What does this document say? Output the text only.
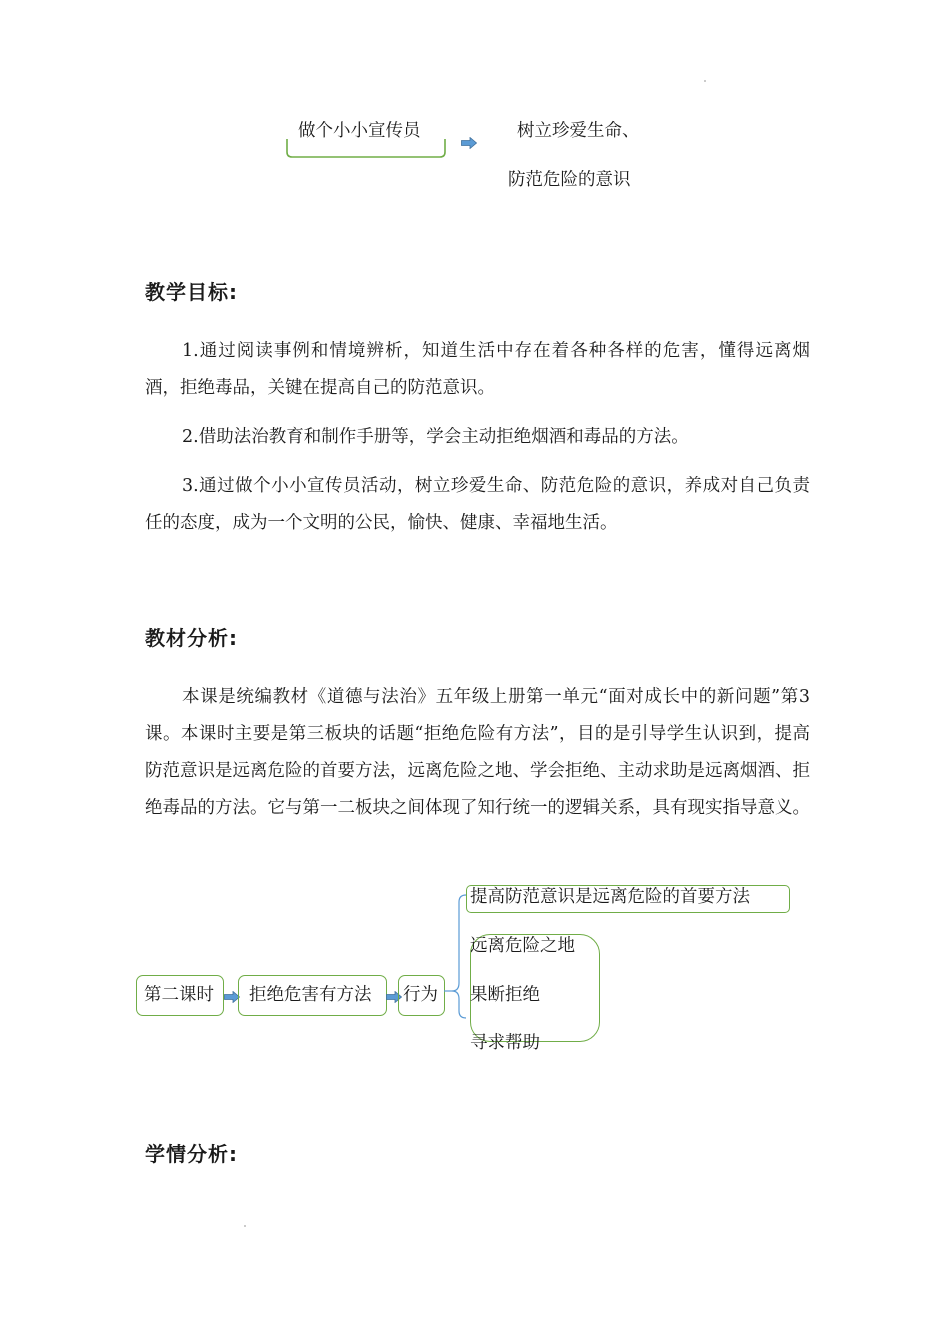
做个小小宣传员	树立珍爱生命、
防范危险的意识
教学目标:

1.通过阅读事例和情境辨析，知道生活中存在着各种各样的危害，懂得远离烟酒，拒绝毒品，关键在提高自己的防范意识。

2.借助法治教育和制作手册等，学会主动拒绝烟酒和毒品的方法。

3.通过做个小小宣传员活动，树立珍爱生命、防范危险的意识，养成对自己负责任的态度，成为一个文明的公民，愉快、健康、幸福地生活。

教材分析:

本课是统编教材《道德与法治》五年级上册第一单元“面对成长中的新问题”第3课。本课时主要是第三板块的话题“拒绝危险有方法”，目的是引导学生认识到，提高防范意识是远离危险的首要方法，远离危险之地、学会拒绝、主动求助是远离烟酒、拒绝毒品的方法。它与第一二板块之间体现了知行统一的逻辑关系，具有现实指导意义。

第二课时 拒绝危害有方法 行为
提高防范意识是远离危险的首要方法
远离危险之地
果断拒绝
寻求帮助
学情分析:
